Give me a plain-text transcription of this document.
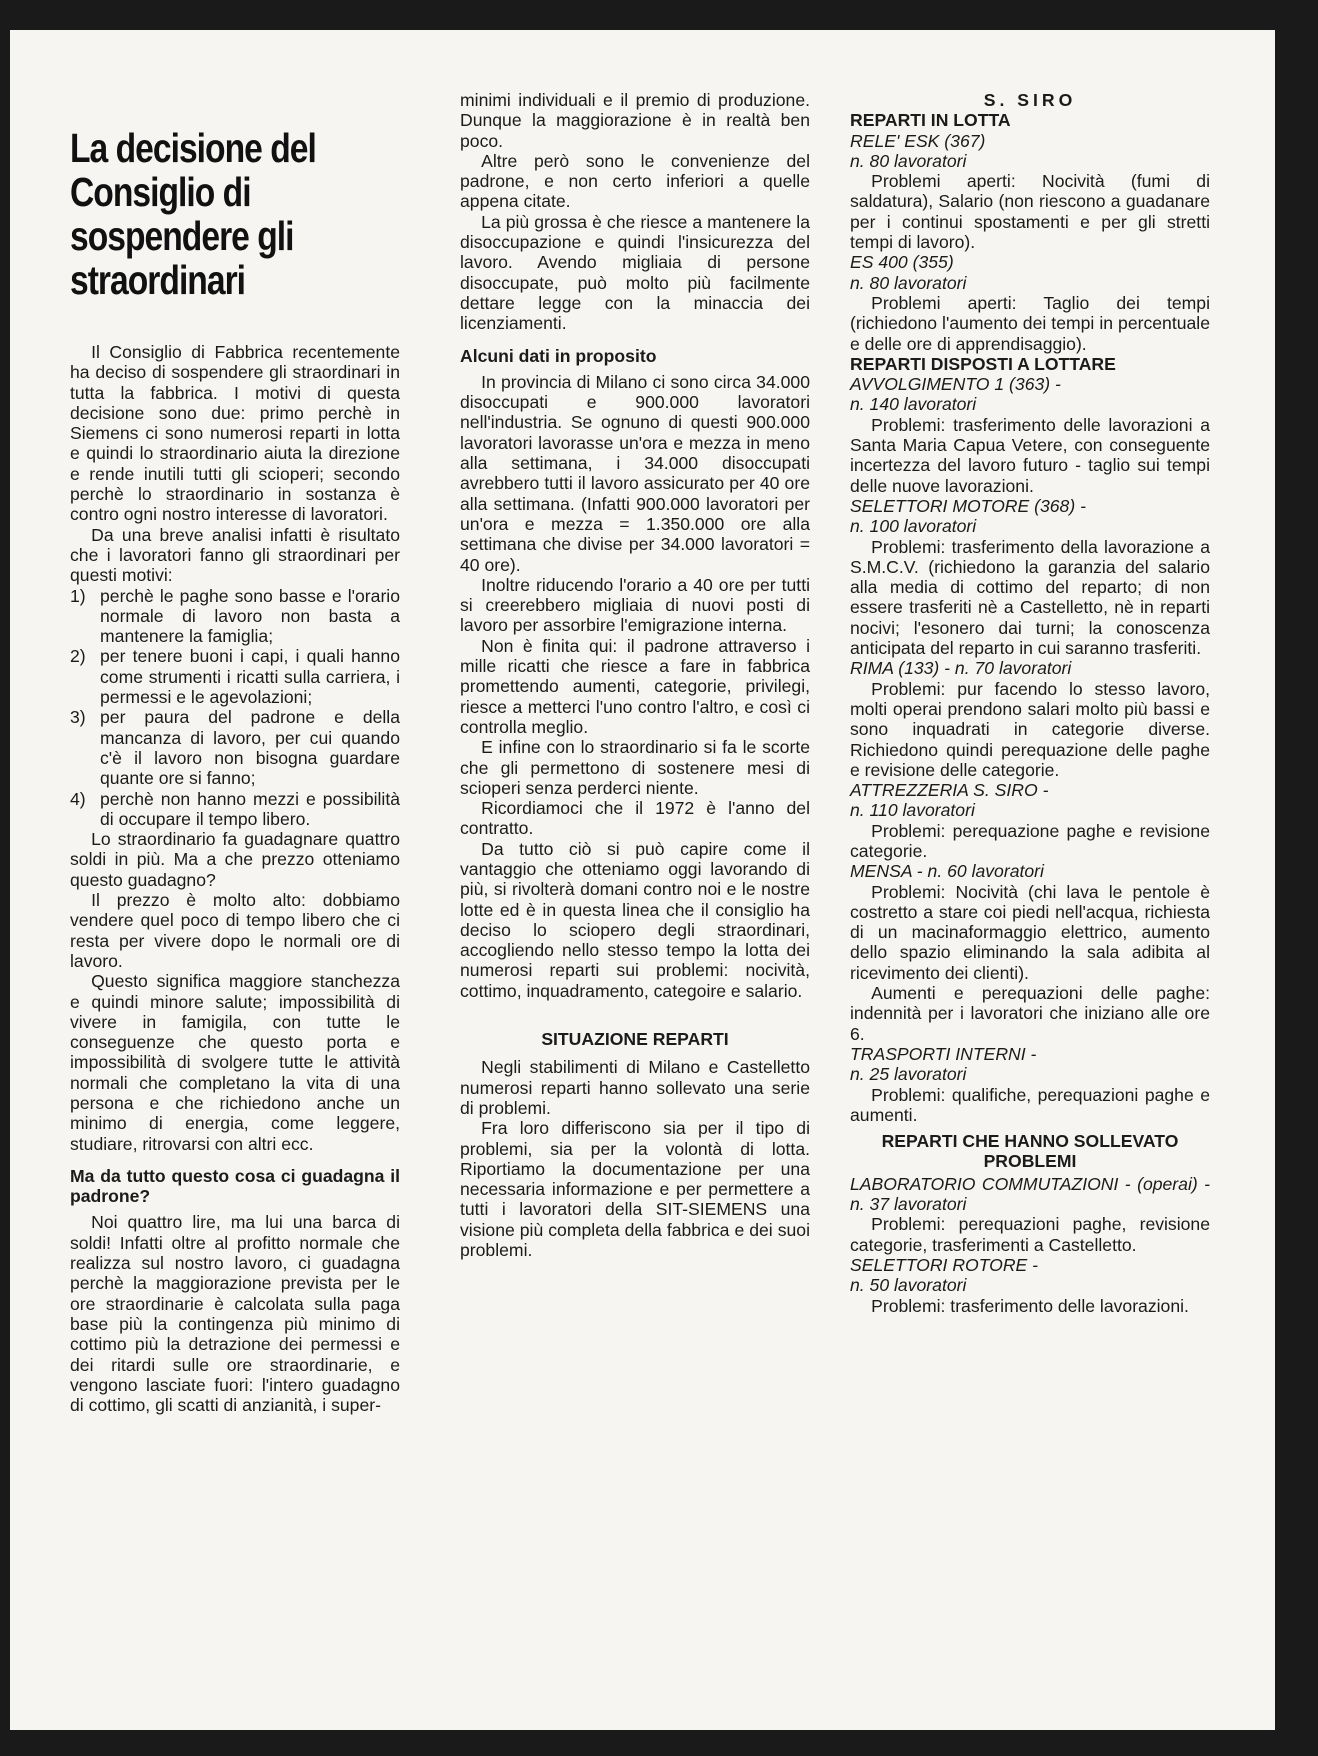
La decisione del Consiglio di sospendere gli straordinari

Il Consiglio di Fabbrica recentemente ha deciso di sospendere gli straordinari in tutta la fabbrica. I motivi di questa decisione sono due: primo perchè in Siemens ci sono numerosi reparti in lotta e quindi lo straordinario aiuta la direzione e rende inutili tutti gli scioperi; secondo perchè lo straordinario in sostanza è contro ogni nostro interesse di lavoratori.

Da una breve analisi infatti è risultato che i lavoratori fanno gli straordinari per questi motivi:

1) perchè le paghe sono basse e l'orario normale di lavoro non basta a mantenere la famiglia;
2) per tenere buoni i capi, i quali hanno come strumenti i ricatti sulla carriera, i permessi e le agevolazioni;
3) per paura del padrone e della mancanza di lavoro, per cui quando c'è il lavoro non bisogna guardare quante ore si fanno;
4) perchè non hanno mezzi e possibilità di occupare il tempo libero.

Lo straordinario fa guadagnare quattro soldi in più. Ma a che prezzo otteniamo questo guadagno?

Il prezzo è molto alto: dobbiamo vendere quel poco di tempo libero che ci resta per vivere dopo le normali ore di lavoro.

Questo significa maggiore stanchezza e quindi minore salute; impossibilità di vivere in famigila, con tutte le conseguenze che questo porta e impossibilità di svolgere tutte le attività normali che completano la vita di una persona e che richiedono anche un minimo di energia, come leggere, studiare, ritrovarsi con altri ecc.

Ma da tutto questo cosa ci guadagna il padrone?

Noi quattro lire, ma lui una barca di soldi! Infatti oltre al profitto normale che realizza sul nostro lavoro, ci guadagna perchè la maggiorazione prevista per le ore straordinarie è calcolata sulla paga base più la contingenza più minimo di cottimo più la detrazione dei permessi e dei ritardi sulle ore straordinarie, e vengono lasciate fuori: l'intero guadagno di cottimo, gli scatti di anzianità, i super-

minimi individuali e il premio di produzione. Dunque la maggiorazione è in realtà ben poco.

Altre però sono le convenienze del padrone, e non certo inferiori a quelle appena citate.

La più grossa è che riesce a mantenere la disoccupazione e quindi l'insicurezza del lavoro. Avendo migliaia di persone disoccupate, può molto più facilmente dettare legge con la minaccia dei licenziamenti.

Alcuni dati in proposito

In provincia di Milano ci sono circa 34.000 disoccupati e 900.000 lavoratori nell'industria. Se ognuno di questi 900.000 lavoratori lavorasse un'ora e mezza in meno alla settimana, i 34.000 disoccupati avrebbero tutti il lavoro assicurato per 40 ore alla settimana. (Infatti 900.000 lavoratori per un'ora e mezza = 1.350.000 ore alla settimana che divise per 34.000 lavoratori = 40 ore).

Inoltre riducendo l'orario a 40 ore per tutti si creerebbero migliaia di nuovi posti di lavoro per assorbire l'emigrazione interna.

Non è finita qui: il padrone attraverso i mille ricatti che riesce a fare in fabbrica promettendo aumenti, categorie, privilegi, riesce a metterci l'uno contro l'altro, e così ci controlla meglio.

E infine con lo straordinario si fa le scorte che gli permettono di sostenere mesi di scioperi senza perderci niente.

Ricordiamoci che il 1972 è l'anno del contratto.

Da tutto ciò si può capire come il vantaggio che otteniamo oggi lavorando di più, si rivolterà domani contro noi e le nostre lotte ed è in questa linea che il consiglio ha deciso lo sciopero degli straordinari, accogliendo nello stesso tempo la lotta dei numerosi reparti sui problemi: nocività, cottimo, inquadramento, categoire e salario.

SITUAZIONE REPARTI

Negli stabilimenti di Milano e Castelletto numerosi reparti hanno sollevato una serie di problemi.

Fra loro differiscono sia per il tipo di problemi, sia per la volontà di lotta. Riportiamo la documentazione per una necessaria informazione e per permettere a tutti i lavoratori della SIT-SIEMENS una visione più completa della fabbrica e dei suoi problemi.

S. SIRO
REPARTI IN LOTTA
RELE' ESK (367)
n. 80 lavoratori

Problemi aperti: Nocività (fumi di saldatura), Salario (non riescono a guadanare per i continui spostamenti e per gli stretti tempi di lavoro).

ES 400 (355)
n. 80 lavoratori

Problemi aperti: Taglio dei tempi (richiedono l'aumento dei tempi in percentuale e delle ore di apprendisaggio).

REPARTI DISPOSTI A LOTTARE
AVVOLGIMENTO 1 (363) -
n. 140 lavoratori

Problemi: trasferimento delle lavorazioni a Santa Maria Capua Vetere, con conseguente incertezza del lavoro futuro - taglio sui tempi delle nuove lavorazioni.

SELETTORI MOTORE (368) -
n. 100 lavoratori

Problemi: trasferimento della lavorazione a S.M.C.V. (richiedono la garanzia del salario alla media di cottimo del reparto; di non essere trasferiti nè a Castelletto, nè in reparti nocivi; l'esonero dai turni; la conoscenza anticipata del reparto in cui saranno trasferiti.

RIMA (133) - n. 70 lavoratori

Problemi: pur facendo lo stesso lavoro, molti operai prendono salari molto più bassi e sono inquadrati in categorie diverse. Richiedono quindi perequazione delle paghe e revisione delle categorie.

ATTREZZERIA S. SIRO -
n. 110 lavoratori

Problemi: perequazione paghe e revisione categorie.

MENSA - n. 60 lavoratori

Problemi: Nocività (chi lava le pentole è costretto a stare coi piedi nell'acqua, richiesta di un macinaformaggio elettrico, aumento dello spazio eliminando la sala adibita al ricevimento dei clienti).

Aumenti e perequazioni delle paghe: indennità per i lavoratori che iniziano alle ore 6.

TRASPORTI INTERNI -
n. 25 lavoratori

Problemi: qualifiche, perequazioni paghe e aumenti.

REPARTI CHE HANNO SOLLEVATO PROBLEMI
LABORATORIO COMMUTAZIONI - (operai) - n. 37 lavoratori

Problemi: perequazioni paghe, revisione categorie, trasferimenti a Castelletto.

SELETTORI ROTORE -
n. 50 lavoratori

Problemi: trasferimento delle lavorazioni.
